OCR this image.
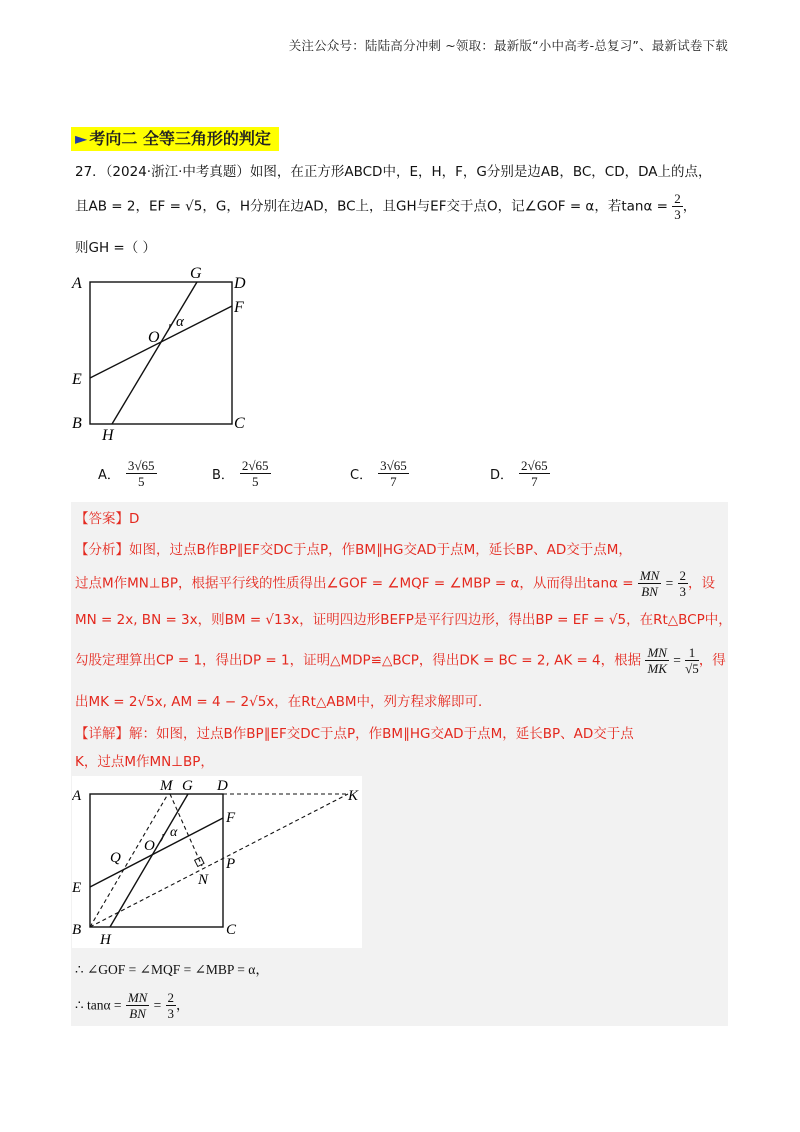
关注公众号：陆陆高分冲刺 ~领取：最新版“小中高考-总复习”、最新试卷下载
► 考向二 全等三角形的判定
27．（2024·浙江·中考真题）如图，在正方形ABCD中，E，H，F，G分别是边AB，BC，CD，DA上的点，
且AB = 2，EF = √5，G，H分别在边AD，BC上，且GH与EF交于点O，记∠GOF = α，若$\tan\alpha = \frac{2}{3}$ ，
则GH =（ ）
A
G
D
F
O
α
E
B
H
C
A． $\frac{3√65}{5}$	B． $\frac{2√65}{5}$	C． $\frac{3√65}{7}$	D． $\frac{2√65}{7}$
【答案】D
【分析】如图，过点B作BP∥EF交DC于点P，作BM∥HG交AD于点M，延长BP、AD交于点M，
过点M作MN⊥BP，根据平行线的性质得出∠GOF = ∠MQF = ∠MBP = α，从而得出$\tan\alpha = \frac{MN}{BN} = \frac{2}{3}$ ，设
MN = 2x, BN = 3x，则BM = √13x，证明四边形BEFP是平行四边形，得出BP = EF = √5，在Rt△BCP中，
勾股定理算出CP = 1，得出DP = 1，证明△MDP≌△BCP，得出DK = BC = 2, AK = 4，根据 $\frac{MN}{MK} = \frac{1}{√5}$ ，得
出MK = 2√5x, AM = 4 − 2√5x，在Rt△ABM中，列方程求解即可．
【详解】解：如图，过点B作BP∥EF交DC于点P，作BM∥HG交AD于点M，延长BP、AD交于点
K，过点M作MN⊥BP，
A
M G D
K
F
O
α
Q
N
P
E
B
H
C
∴ ∠GOF = ∠MQF = ∠MBP = α，
∴ $\tan\alpha = \frac{MN}{BN} = \frac{2}{3}$ ，
